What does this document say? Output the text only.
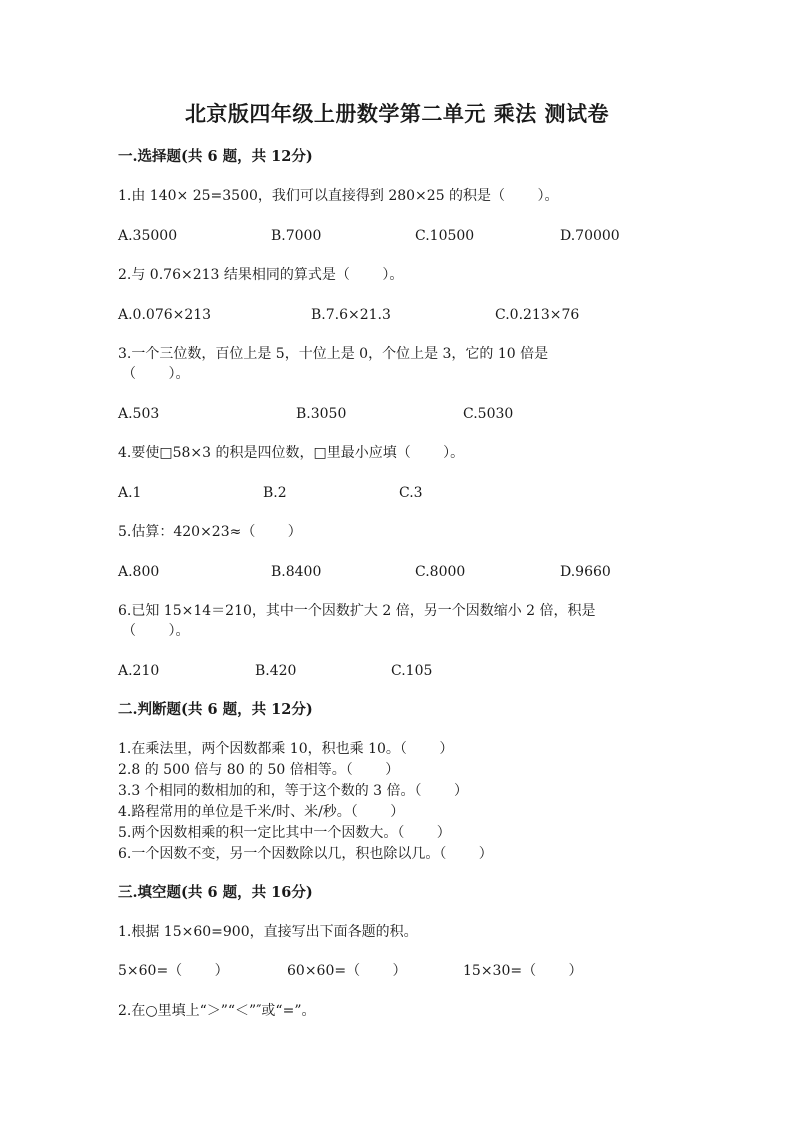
北京版四年级上册数学第二单元 乘法 测试卷
一.选择题(共 6 题，共 12分)
1.由 140× 25=3500，我们可以直接得到 280×25 的积是（　　 ）。
A.35000	B.7000	C.10500	D.70000
2.与 0.76×213 结果相同的算式是（　　 ）。
A.0.076×213	B.7.6×21.3	C.0.213×76
3.一个三位数，百位上是 5，十位上是 0，个位上是 3，它的 10 倍是
（　　 ）。
A.503	B.3050	C.5030
4.要使□58×3 的积是四位数，□里最小应填（　　 ）。
A.1	B.2	C.3
5.估算：420×23≈（　　 ）
A.800	B.8400	C.8000	D.9660
6.已知 15×14＝210，其中一个因数扩大 2 倍，另一个因数缩小 2 倍，积是
（　　 ）。
A.210	B.420	C.105
二.判断题(共 6 题，共 12分)
1.在乘法里，两个因数都乘 10，积也乘 10。（　　 ）
2.8 的 500 倍与 80 的 50 倍相等。（　　 ）
3.3 个相同的数相加的和，等于这个数的 3 倍。（　　 ）
4.路程常用的单位是千米/时、米/秒。（　　 ）
5.两个因数相乘的积一定比其中一个因数大。（　　 ）
6.一个因数不变，另一个因数除以几，积也除以几。（　　 ）
三.填空题(共 6 题，共 16分)
1.根据 15×60=900，直接写出下面各题的积。
5×60=（　　 ）	60×60=（　　 ）	15×30=（　　 ）
2.在○里填上“＞”“＜”″或“=”。
